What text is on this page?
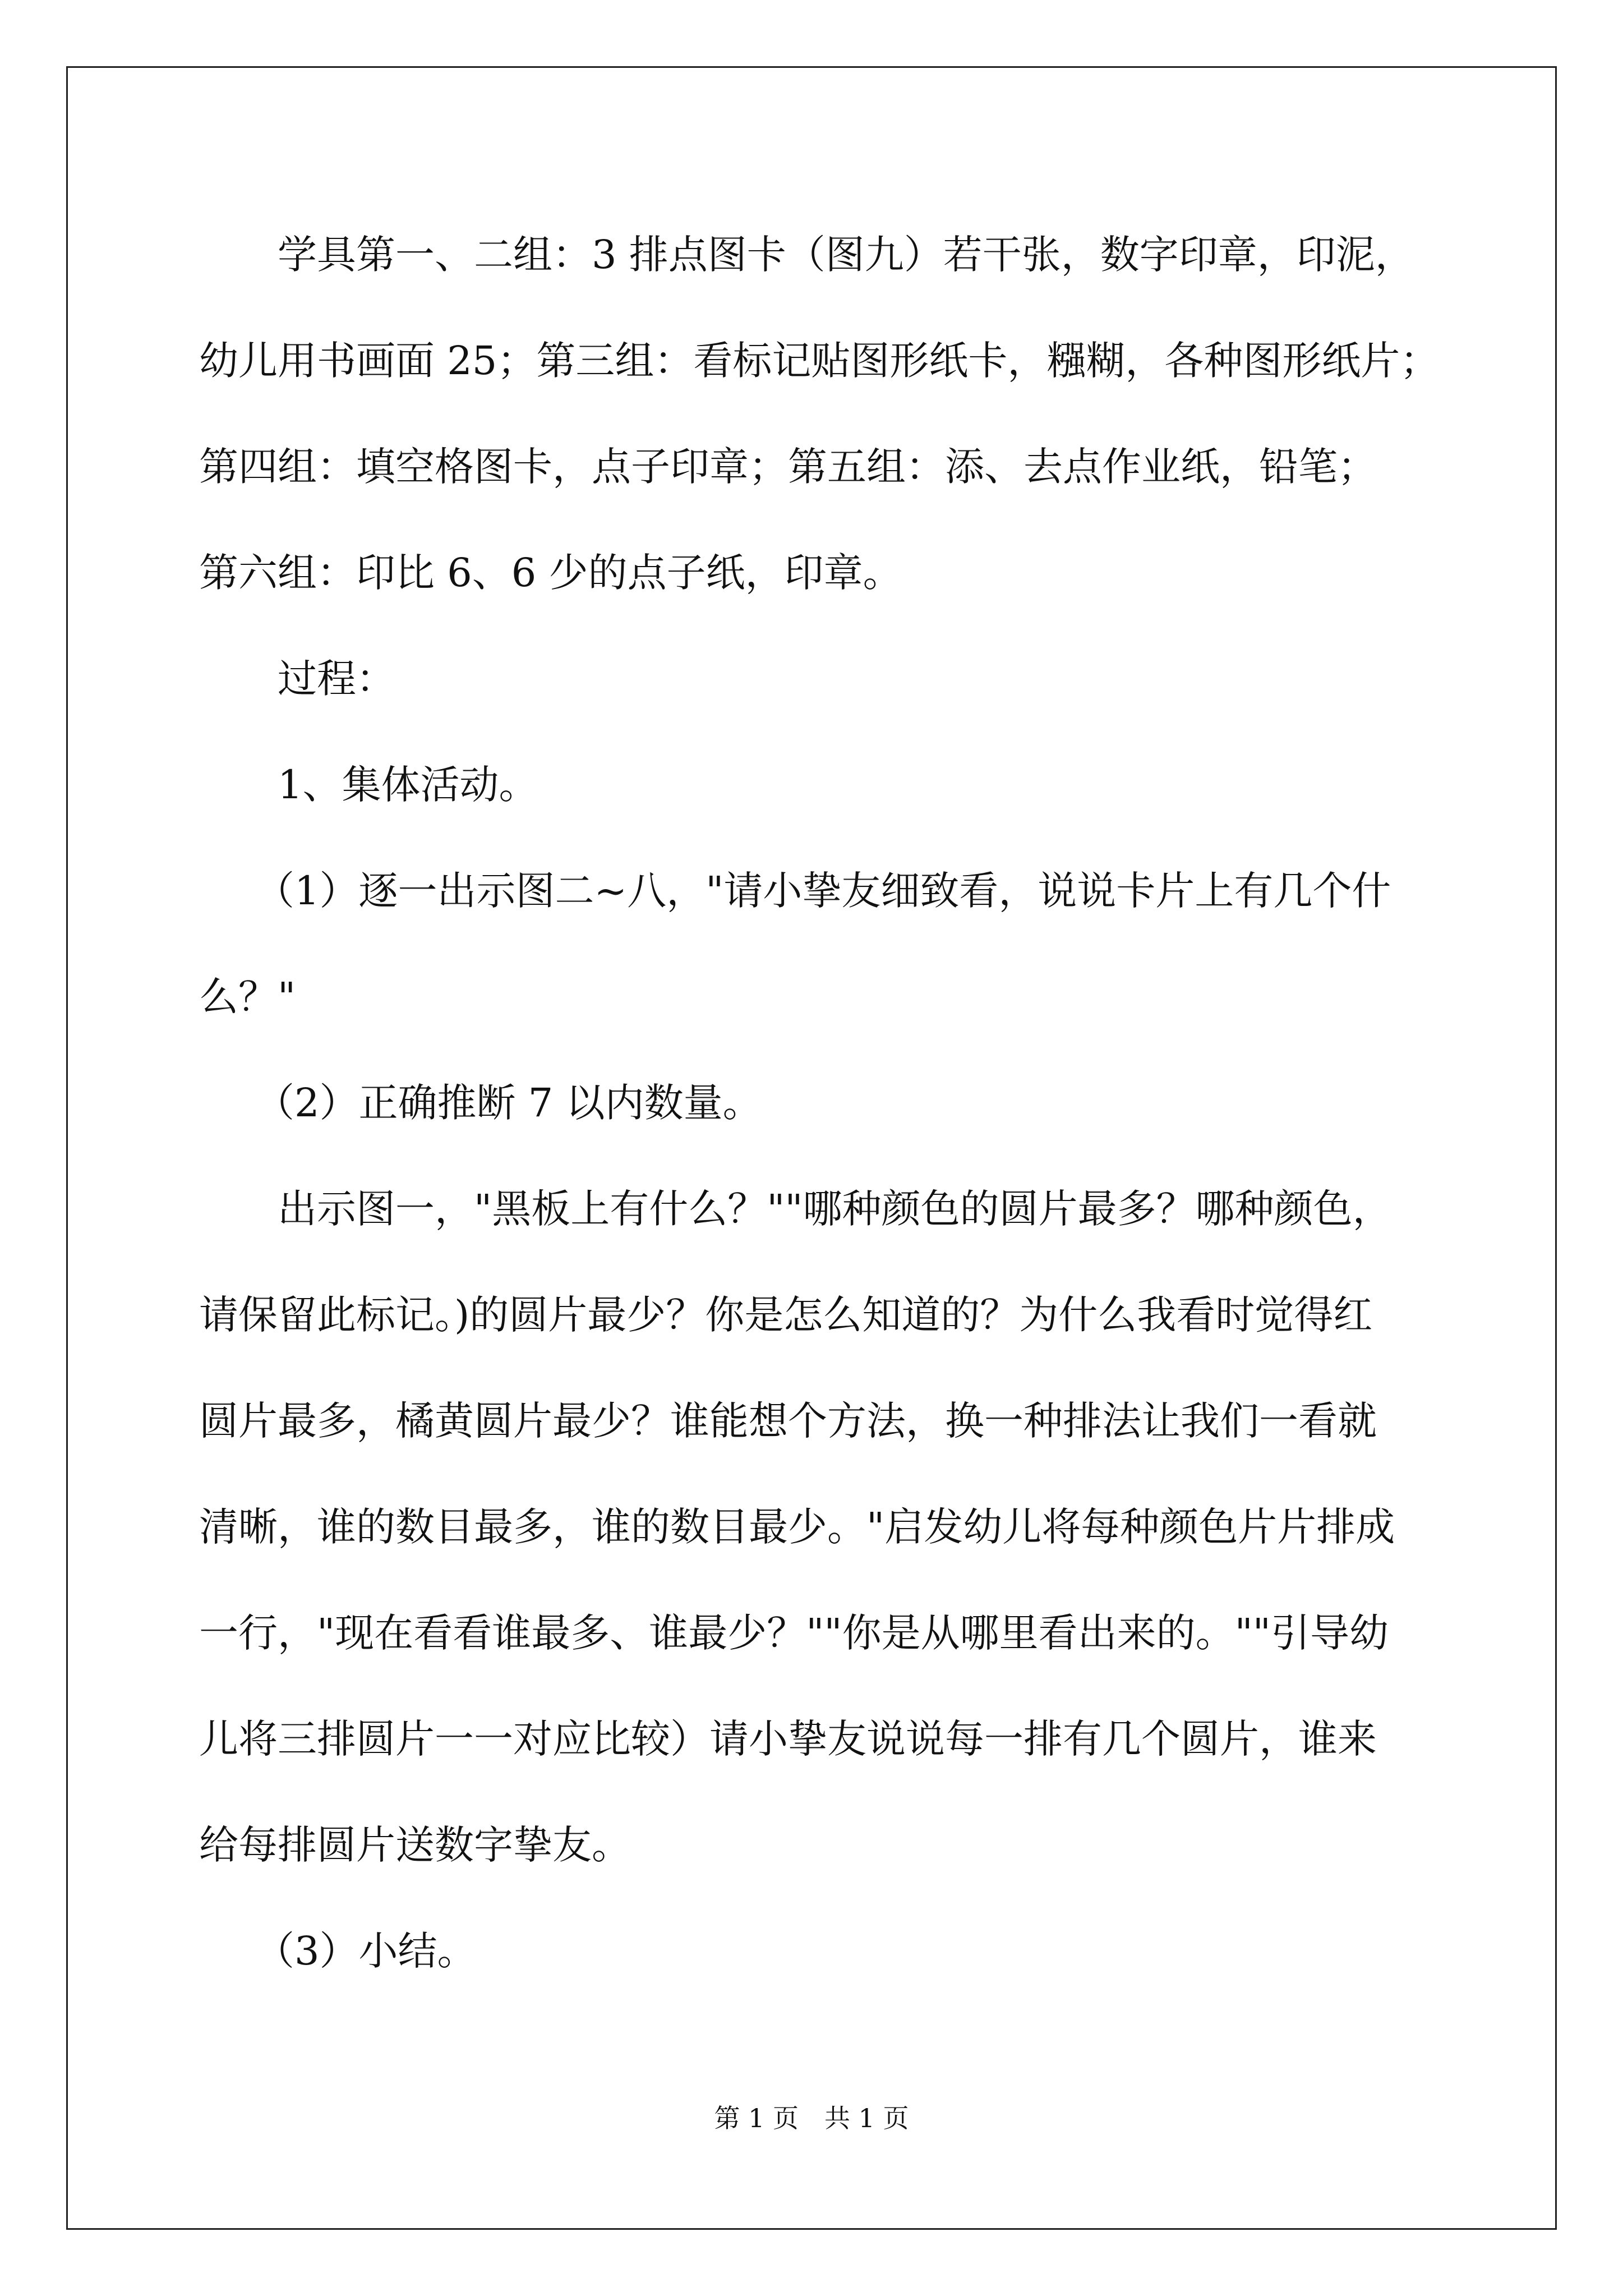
学具第一、二组：3 排点图卡（图九）若干张，数字印章，印泥，

幼儿用书画面 25；第三组：看标记贴图形纸卡，糨糊，各种图形纸片；

第四组：填空格图卡，点子印章；第五组：添、去点作业纸，铅笔；

第六组：印比 6、6 少的点子纸，印章。

过程：

1、集体活动。

（1）逐一出示图二~八，"请小挚友细致看，说说卡片上有几个什

么？"

（2）正确推断 7 以内数量。

出示图一，"黑板上有什么？""哪种颜色的圆片最多？哪种颜色，

请保留此标记。)的圆片最少？你是怎么知道的？为什么我看时觉得红

圆片最多，橘黄圆片最少？谁能想个方法，换一种排法让我们一看就

清晰，谁的数目最多，谁的数目最少。"启发幼儿将每种颜色片片排成

一行，"现在看看谁最多、谁最少？""你是从哪里看出来的。""引导幼

儿将三排圆片一一对应比较）请小挚友说说每一排有几个圆片，谁来

给每排圆片送数字挚友。

（3）小结。

第 1 页　共 1 页
